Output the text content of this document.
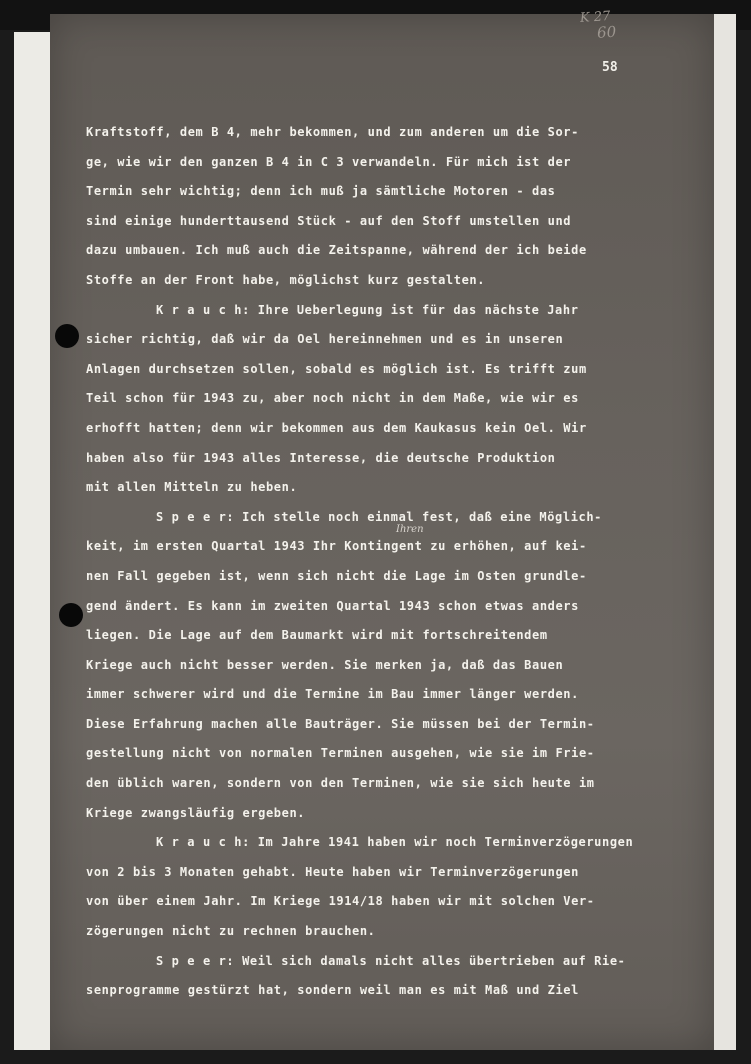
K 27
60
58
Ihren
Kraftstoff, dem B 4, mehr bekommen, und zum anderen um die Sor-
ge, wie wir den ganzen B 4 in C 3 verwandeln. Für mich ist der
Termin sehr wichtig; denn ich muß ja sämtliche Motoren - das
sind einige hunderttausend Stück - auf den Stoff umstellen und
dazu umbauen. Ich muß auch die Zeitspanne, während der ich beide
Stoffe an der Front habe, möglichst kurz gestalten.
K r a u c h: Ihre Ueberlegung ist für das nächste Jahr
sicher richtig, daß wir da Oel hereinnehmen und es in unseren
Anlagen durchsetzen sollen, sobald es möglich ist. Es trifft zum
Teil schon für 1943 zu, aber noch nicht in dem Maße, wie wir es
erhofft hatten; denn wir bekommen aus dem Kaukasus kein Oel. Wir
haben also für 1943 alles Interesse, die deutsche Produktion
mit allen Mitteln zu heben.
S p e e r: Ich stelle noch einmal fest, daß eine Möglich-
keit, im ersten Quartal 1943 Ihr Kontingent zu erhöhen, auf kei-
nen Fall gegeben ist, wenn sich nicht die Lage im Osten grundle-
gend ändert. Es kann im zweiten Quartal 1943 schon etwas anders
liegen. Die Lage auf dem Baumarkt wird mit fortschreitendem
Kriege auch nicht besser werden. Sie merken ja, daß das Bauen
immer schwerer wird und die Termine im Bau immer länger werden.
Diese Erfahrung machen alle Bauträger. Sie müssen bei der Termin-
gestellung nicht von normalen Terminen ausgehen, wie sie im Frie-
den üblich waren, sondern von den Terminen, wie sie sich heute im
Kriege zwangsläufig ergeben.
K r a u c h: Im Jahre 1941 haben wir noch Terminverzögerungen
von 2 bis 3 Monaten gehabt. Heute haben wir Terminverzögerungen
von über einem Jahr. Im Kriege 1914/18 haben wir mit solchen Ver-
zögerungen nicht zu rechnen brauchen.
S p e e r: Weil sich damals nicht alles übertrieben auf Rie-
senprogramme gestürzt hat, sondern weil man es mit Maß und Ziel
